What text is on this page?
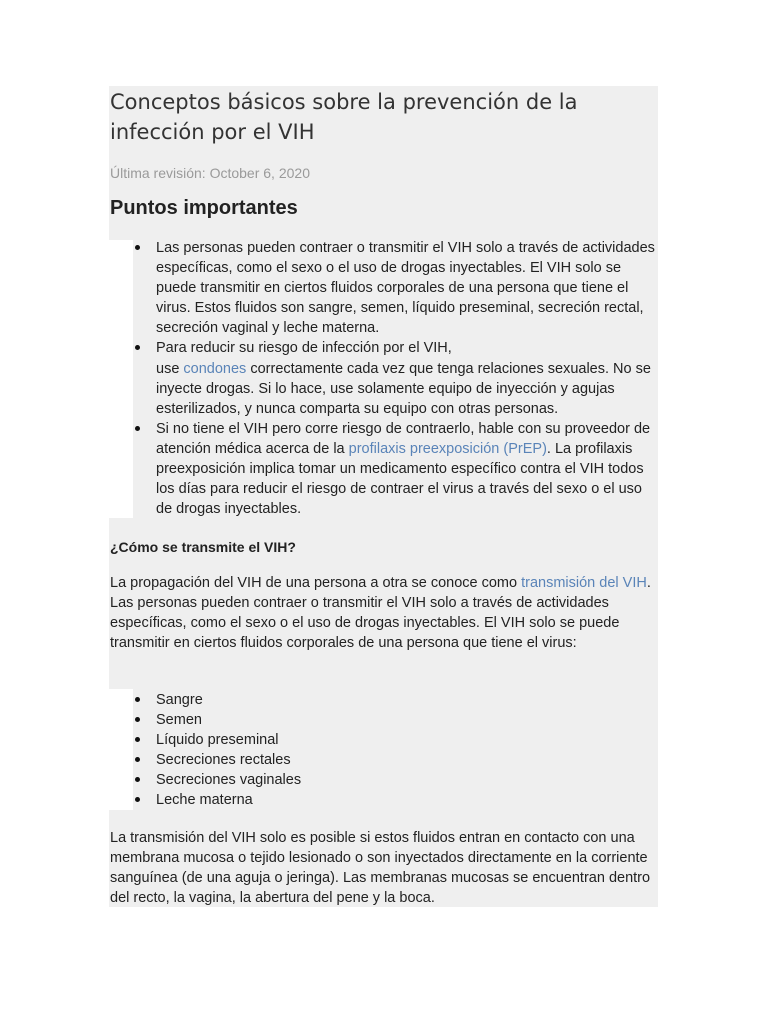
Conceptos básicos sobre la prevención de la infección por el VIH

Última revisión: October 6, 2020

Puntos importantes
Las personas pueden contraer o transmitir el VIH solo a través de actividades específicas, como el sexo o el uso de drogas inyectables. El VIH solo se puede transmitir en ciertos fluidos corporales de una persona que tiene el virus. Estos fluidos son sangre, semen, líquido preseminal, secreción rectal, secreción vaginal y leche materna.
Para reducir su riesgo de infección por el VIH,
use condones correctamente cada vez que tenga relaciones sexuales. No se inyecte drogas. Si lo hace, use solamente equipo de inyección y agujas esterilizados, y nunca comparta su equipo con otras personas.
Si no tiene el VIH pero corre riesgo de contraerlo, hable con su proveedor de atención médica acerca de la profilaxis preexposición (PrEP). La profilaxis preexposición implica tomar un medicamento específico contra el VIH todos los días para reducir el riesgo de contraer el virus a través del sexo o el uso de drogas inyectables.
¿Cómo se transmite el VIH?

La propagación del VIH de una persona a otra se conoce como transmisión del VIH. Las personas pueden contraer o transmitir el VIH solo a través de actividades específicas, como el sexo o el uso de drogas inyectables. El VIH solo se puede transmitir en ciertos fluidos corporales de una persona que tiene el virus:

Sangre
Semen
Líquido preseminal
Secreciones rectales
Secreciones vaginales
Leche materna

La transmisión del VIH solo es posible si estos fluidos entran en contacto con una membrana mucosa o tejido lesionado o son inyectados directamente en la corriente sanguínea (de una aguja o jeringa). Las membranas mucosas se encuentran dentro del recto, la vagina, la abertura del pene y la boca.
